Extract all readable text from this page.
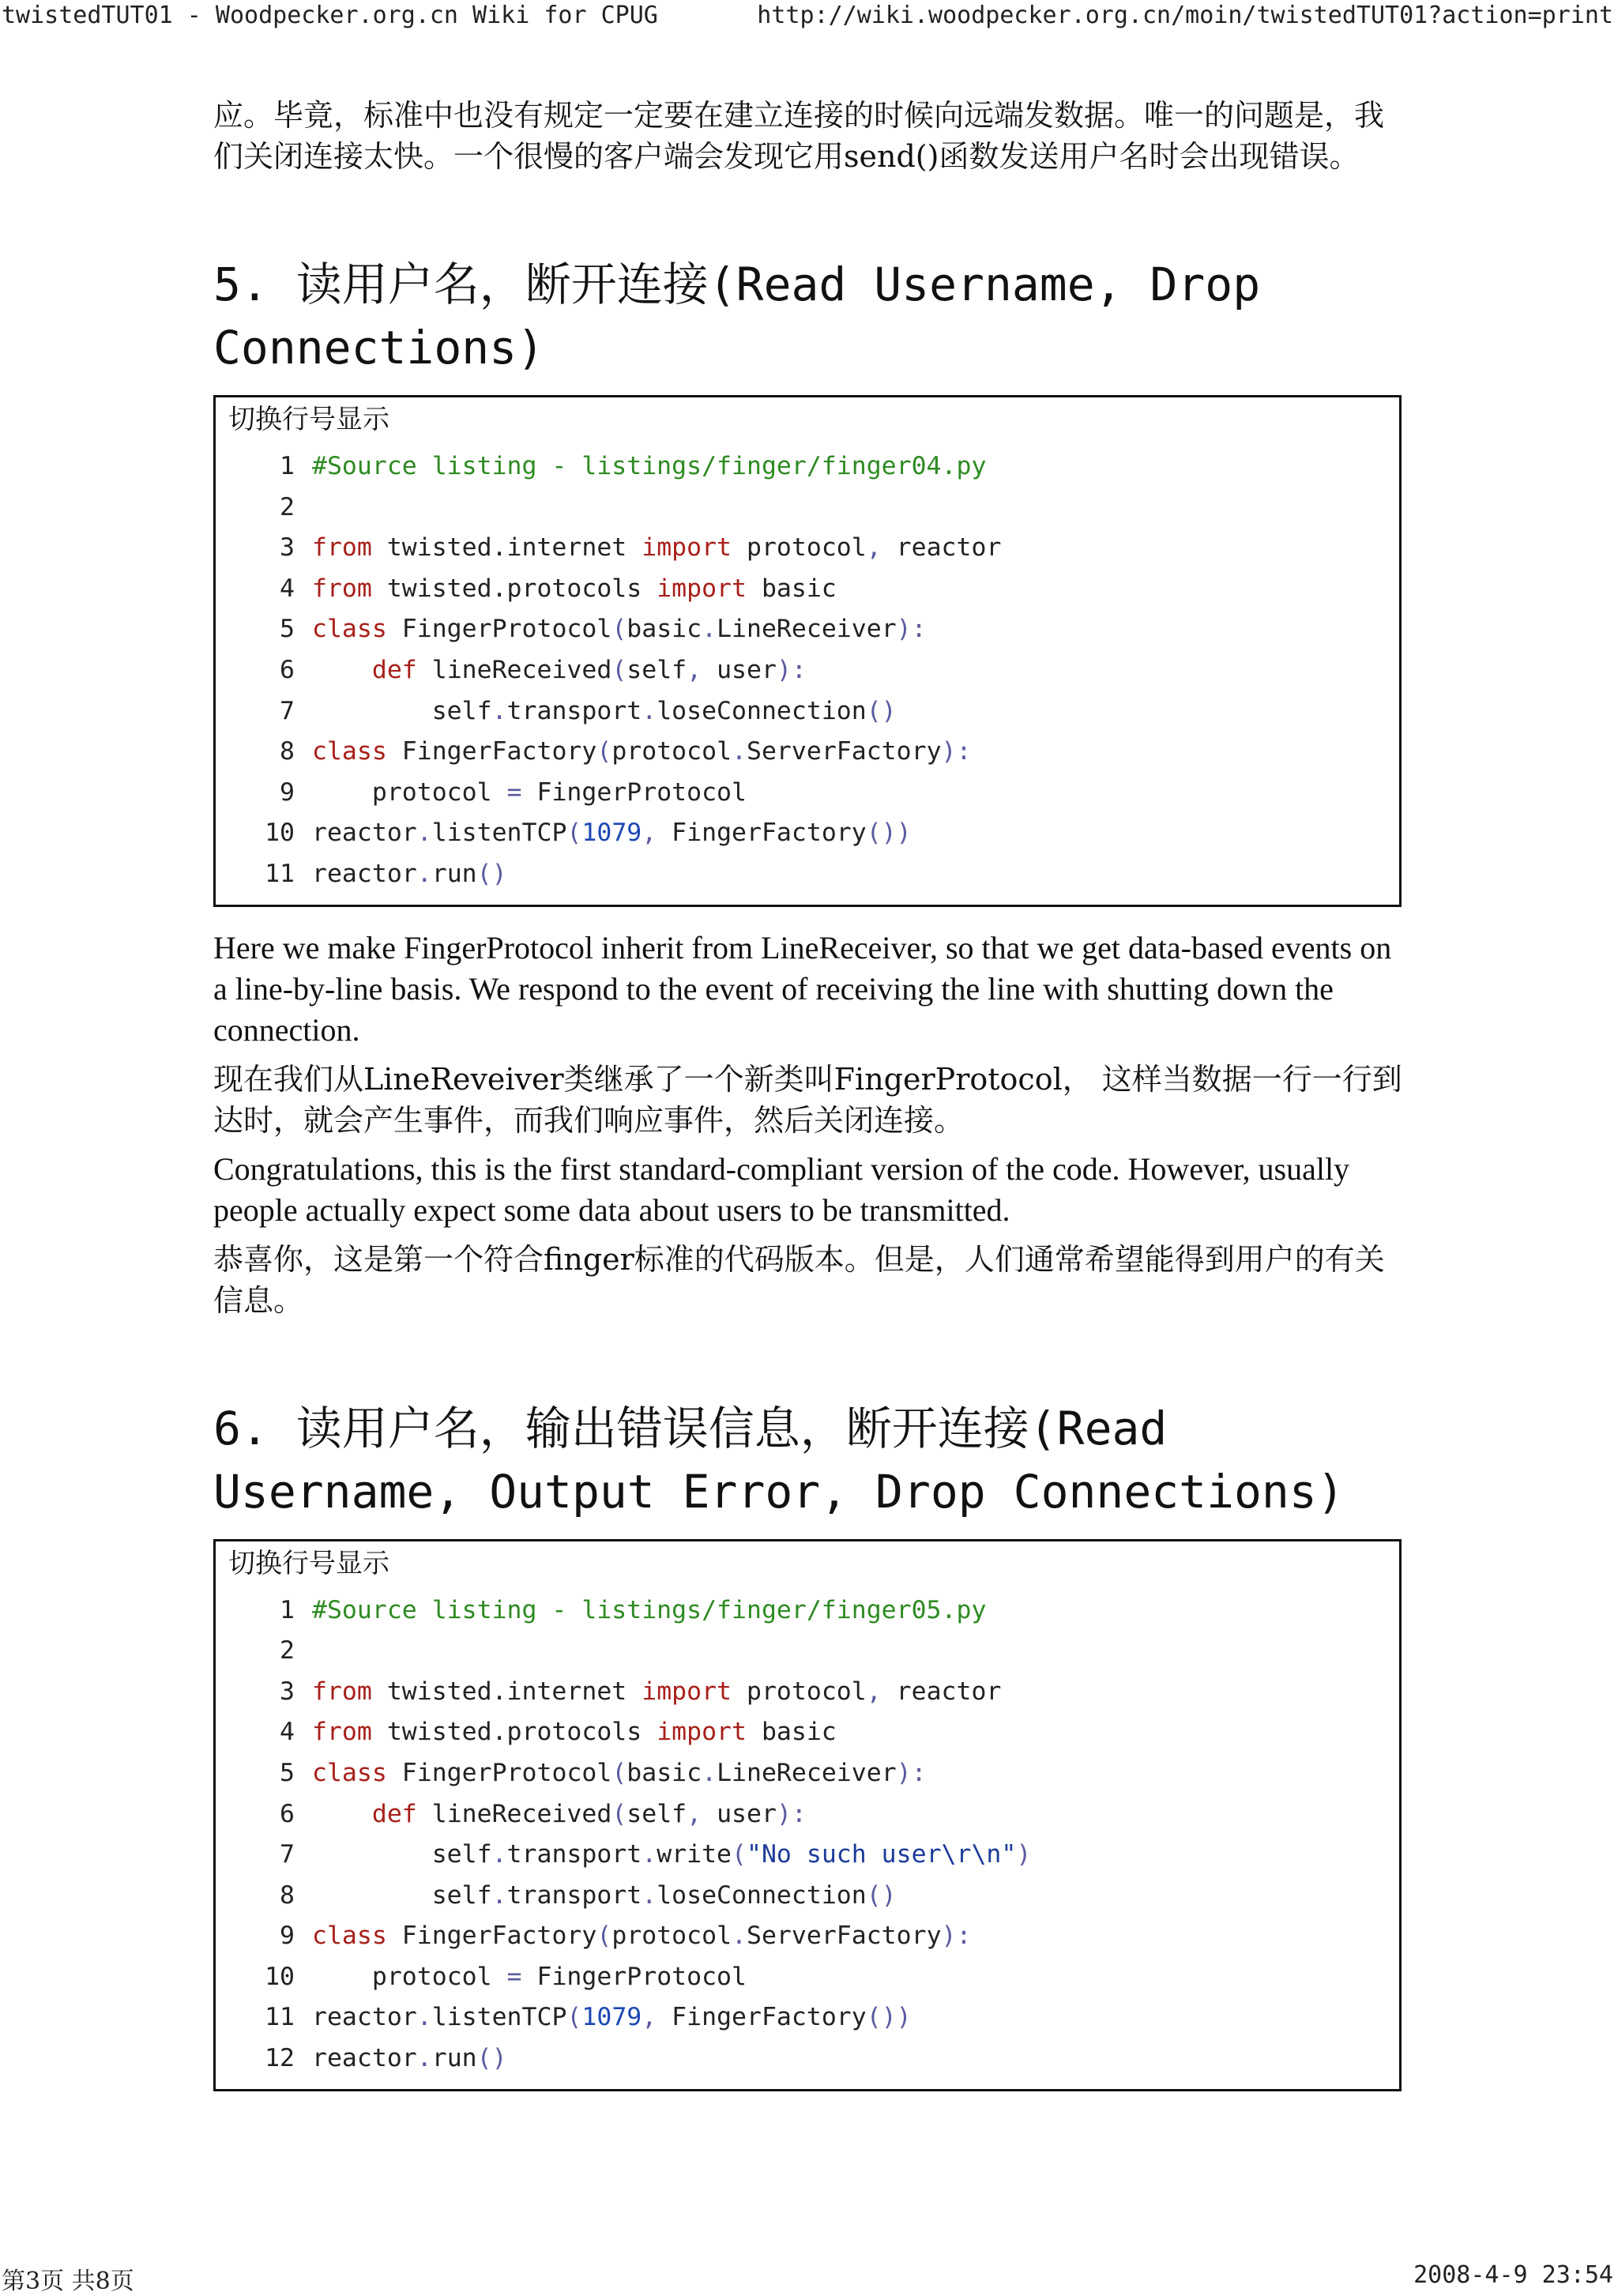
twistedTUT01 - Woodpecker.org.cn Wiki for CPUG	http://wiki.woodpecker.org.cn/moin/twistedTUT01?action=print

应。毕竟，标准中也没有规定一定要在建立连接的时候向远端发数据。唯一的问题是，我们关闭连接太快。一个很慢的客户端会发现它用send()函数发送用户名时会出现错误。

5. 读用户名，断开连接(Read Username, Drop Connections)
切换行号显示
1 #Source listing - listings/finger/finger04.py
2

3 from twisted.internet import protocol, reactor
4 from twisted.protocols import basic
5 class FingerProtocol(basic.LineReceiver):
6	def lineReceived(self, user):
7 self.transport.loseConnection()
8 class FingerFactory(protocol.ServerFactory):
9 protocol = FingerProtocol
10 reactor.listenTCP(1079, FingerFactory())
11 reactor.run()

Here we make FingerProtocol inherit from LineReceiver, so that we get data-based events on a line-by-line basis. We respond to the event of receiving the line with shutting down the connection.

现在我们从LineReveiver类继承了一个新类叫FingerProtocol， 这样当数据一行一行到达时，就会产生事件，而我们响应事件，然后关闭连接。

Congratulations, this is the first standard-compliant version of the code. However, usually people actually expect some data about users to be transmitted.

恭喜你，这是第一个符合finger标准的代码版本。但是，人们通常希望能得到用户的有关信息。

6. 读用户名，输出错误信息，断开连接(Read Username, Output Error, Drop Connections)
切换行号显示
1 #Source listing - listings/finger/finger05.py
2

3 from twisted.internet import protocol, reactor
4 from twisted.protocols import basic
5 class FingerProtocol(basic.LineReceiver):
6	def lineReceived(self, user):
7 self.transport.write("No such user\r\n")
8 self.transport.loseConnection()
9 class FingerFactory(protocol.ServerFactory):
10 protocol = FingerProtocol
11 reactor.listenTCP(1079, FingerFactory())
12 reactor.run()
第3页 共8页	2008-4-9 23:54
